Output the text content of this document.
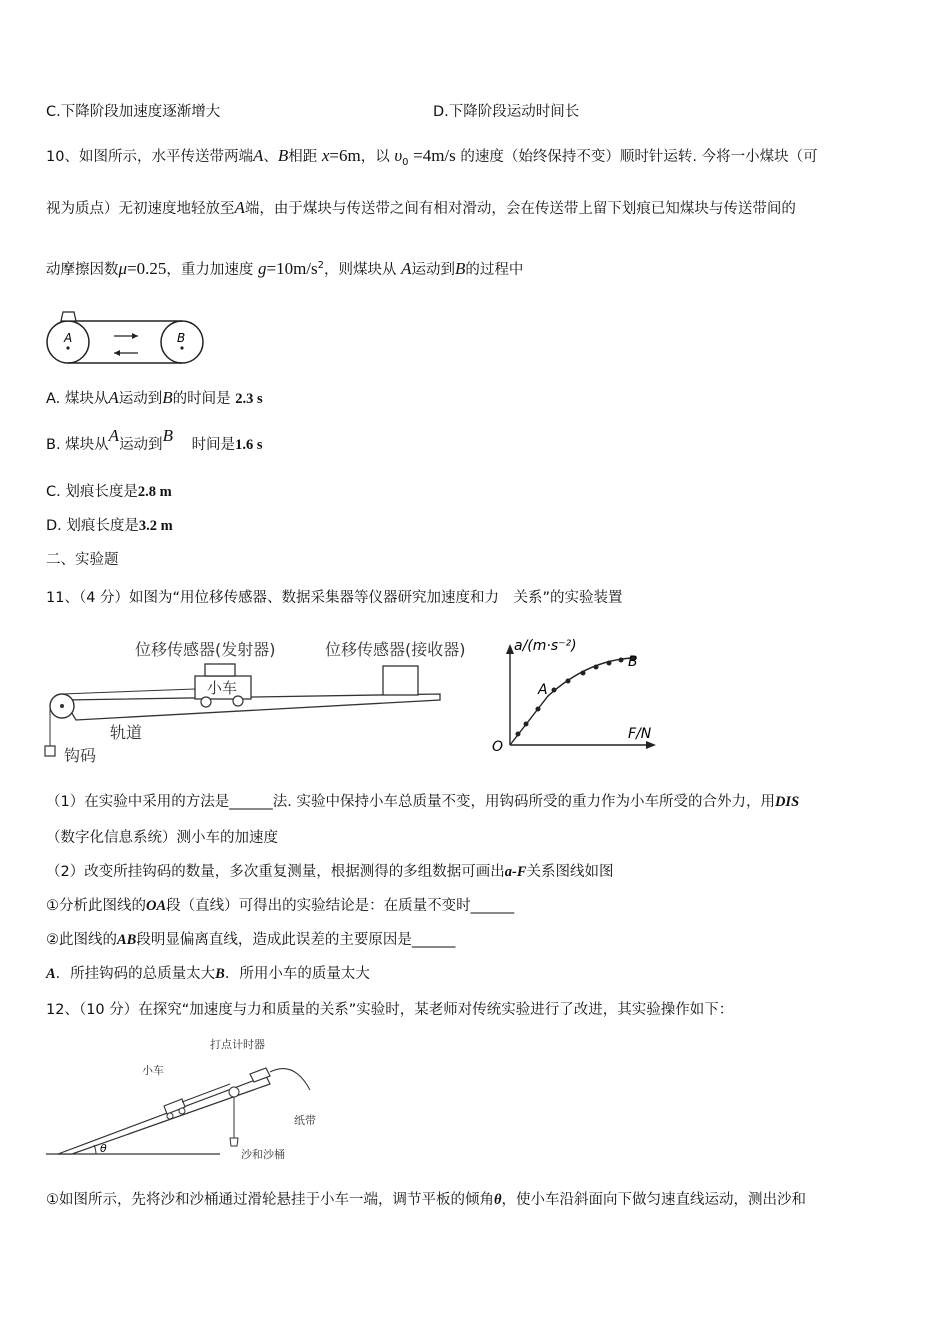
C.下降阶段加速度逐渐增大	D.下降阶段运动时间长
10、如图所示，水平传送带两端A、B相距 x=6m，以 $\upsilon_0 =4m/s$ 的速度（始终保持不变）顺时针运转. 今将一小煤块（可
视为质点）无初速度地轻放至A端，由于煤块与传送带之间有相对滑动，会在传送带上留下划痕已知煤块与传送带间的
动摩擦因数μ=0.25，重力加速度 $g=10m/s^2$，则煤块从 A运动到B的过程中
A	B
A. 煤块从A运动到B的时间是 2.3 s
B. 煤块从A运动到B 时间是1.6 s
C. 划痕长度是2.8 m
D. 划痕长度是3.2 m
二、实验题
11、（4 分）如图为“用位移传感器、数据采集器等仪器研究加速度和力　关系”的实验装置
位移传感器(发射器)	位移传感器(接收器)
小车
轨道
钩码
a/(m·s⁻²)
F/N
O
A
B
（1）在实验中采用的方法是______法. 实验中保持小车总质量不变，用钩码所受的重力作为小车所受的合外力，用DIS
（数字化信息系统）测小车的加速度
（2）改变所挂钩码的数量，多次重复测量，根据测得的多组数据可画出a-F关系图线如图
①分析此图线的OA段（直线）可得出的实验结论是：在质量不变时______
②此图线的AB段明显偏离直线，造成此误差的主要原因是______
A．所挂钩码的总质量太大B．所用小车的质量太大
12、（10 分）在探究“加速度与力和质量的关系”实验时，某老师对传统实验进行了改进，其实验操作如下：
θ
打点计时器
小车
纸带
沙和沙桶
①如图所示，先将沙和沙桶通过滑轮悬挂于小车一端，调节平板的倾角θ，使小车沿斜面向下做匀速直线运动，测出沙和
